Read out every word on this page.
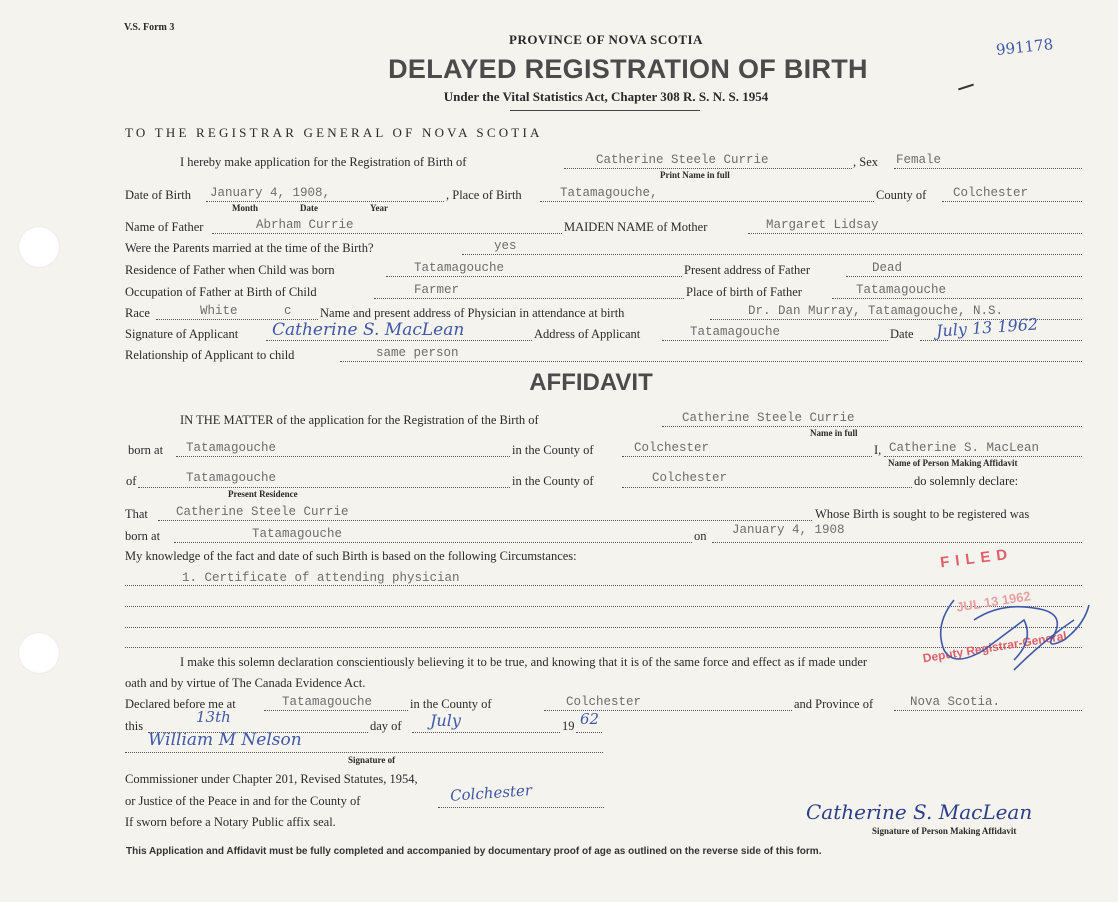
V.S. Form 3
991178
PROVINCE OF NOVA SCOTIA
DELAYED REGISTRATION OF BIRTH
Under the Vital Statistics Act, Chapter 308 R. S. N. S. 1954
TO THE REGISTRAR GENERAL OF NOVA SCOTIA
I hereby make application for the Registration of Birth of	Catherine Steele Currie	, Sex Female
Print Name in full
Date of Birth January 4, 1908,
Month	Date	Year
, Place of Birth	Tatamagouche,	County of Colchester
Name of Father	Abrham Currie	MAIDEN NAME of Mother	Margaret Lidsay
Were the Parents married at the time of the Birth?	yes
Residence of Father when Child was born	Tatamagouche	Present address of Father	Dead
Occupation of Father at Birth of Child	Farmer	Place of birth of Father	Tatamagouche
Race	White	c Name and present address of Physician in attendance at birth	Dr. Dan Murray, Tatamagouche, N.S.
Signature of Applicant Catherine S. MacLean	Address of Applicant	Tatamagouche	Date July 13 1962
Relationship of Applicant to child	same person
AFFIDAVIT
IN THE MATTER of the application for the Registration of the Birth of	Catherine Steele Currie
Name in full
born at Tatamagouche	in the County of	Colchester	I, Catherine S. MacLean
Name of Person Making Affidavit
of	Tatamagouche
Present Residence
in the County of	Colchester	do solemnly declare:
That Catherine Steele Currie	Whose Birth is sought to be registered was
born at	Tatamagouche	on January 4, 1908
My knowledge of the fact and date of such Birth is based on the following Circumstances:
1. Certificate of attending physician
I make this solemn declaration conscientiously believing it to be true, and knowing that it is of the same force and effect as if made under
oath and by virtue of The Canada Evidence Act.
Declared before me at	Tatamagouche	in the County of	Colchester	and Province of	Nova Scotia.
this	13th	day of July	19 62
William M Nelson
Signature of
Commissioner under Chapter 201, Revised Statutes, 1954,
or Justice of the Peace in and for the County of	Colchester
If sworn before a Notary Public affix seal.	Catherine S. MacLean
Signature of Person Making Affidavit
FILED
JUL 13 1962
Deputy Registrar-General
This Application and Affidavit must be fully completed and accompanied by documentary proof of age as outlined on the reverse side of this form.
